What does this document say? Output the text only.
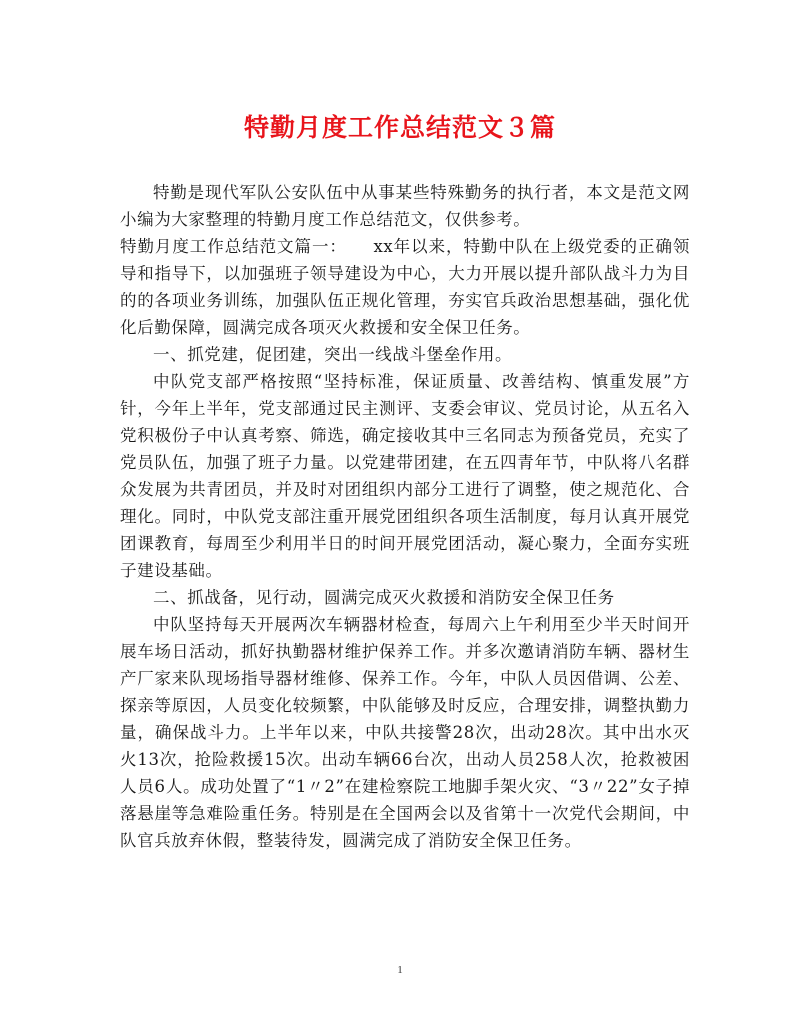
特勤月度工作总结范文３篇

特勤是现代军队公安队伍中从事某些特殊勤务的执行者，本文是范文网小编为大家整理的特勤月度工作总结范文，仅供参考。

特勤月度工作总结范文篇一：　　xx年以来，特勤中队在上级党委的正确领导和指导下，以加强班子领导建设为中心，大力开展以提升部队战斗力为目的的各项业务训练，加强队伍正规化管理，夯实官兵政治思想基础，强化优化后勤保障，圆满完成各项灭火救援和安全保卫任务。

一、抓党建，促团建，突出一线战斗堡垒作用。

中队党支部严格按照“坚持标准，保证质量、改善结构、慎重发展”方针，今年上半年，党支部通过民主测评、支委会审议、党员讨论，从五名入党积极份子中认真考察、筛选，确定接收其中三名同志为预备党员，充实了党员队伍，加强了班子力量。以党建带团建，在五四青年节，中队将八名群众发展为共青团员，并及时对团组织内部分工进行了调整，使之规范化、合理化。同时，中队党支部注重开展党团组织各项生活制度，每月认真开展党团课教育，每周至少利用半日的时间开展党团活动，凝心聚力，全面夯实班子建设基础。

二、抓战备，见行动，圆满完成灭火救援和消防安全保卫任务

中队坚持每天开展两次车辆器材检查，每周六上午利用至少半天时间开展车场日活动，抓好执勤器材维护保养工作。并多次邀请消防车辆、器材生产厂家来队现场指导器材维修、保养工作。今年，中队人员因借调、公差、探亲等原因，人员变化较频繁，中队能够及时反应，合理安排，调整执勤力量，确保战斗力。上半年以来，中队共接警28次，出动28次。其中出水灭火13次，抢险救援15次。出动车辆66台次，出动人员258人次，抢救被困人员6人。成功处置了“1〃2”在建检察院工地脚手架火灾、“3〃22”女子掉落悬崖等急难险重任务。特别是在全国两会以及省第十一次党代会期间，中队官兵放弃休假，整装待发，圆满完成了消防安全保卫任务。

1
